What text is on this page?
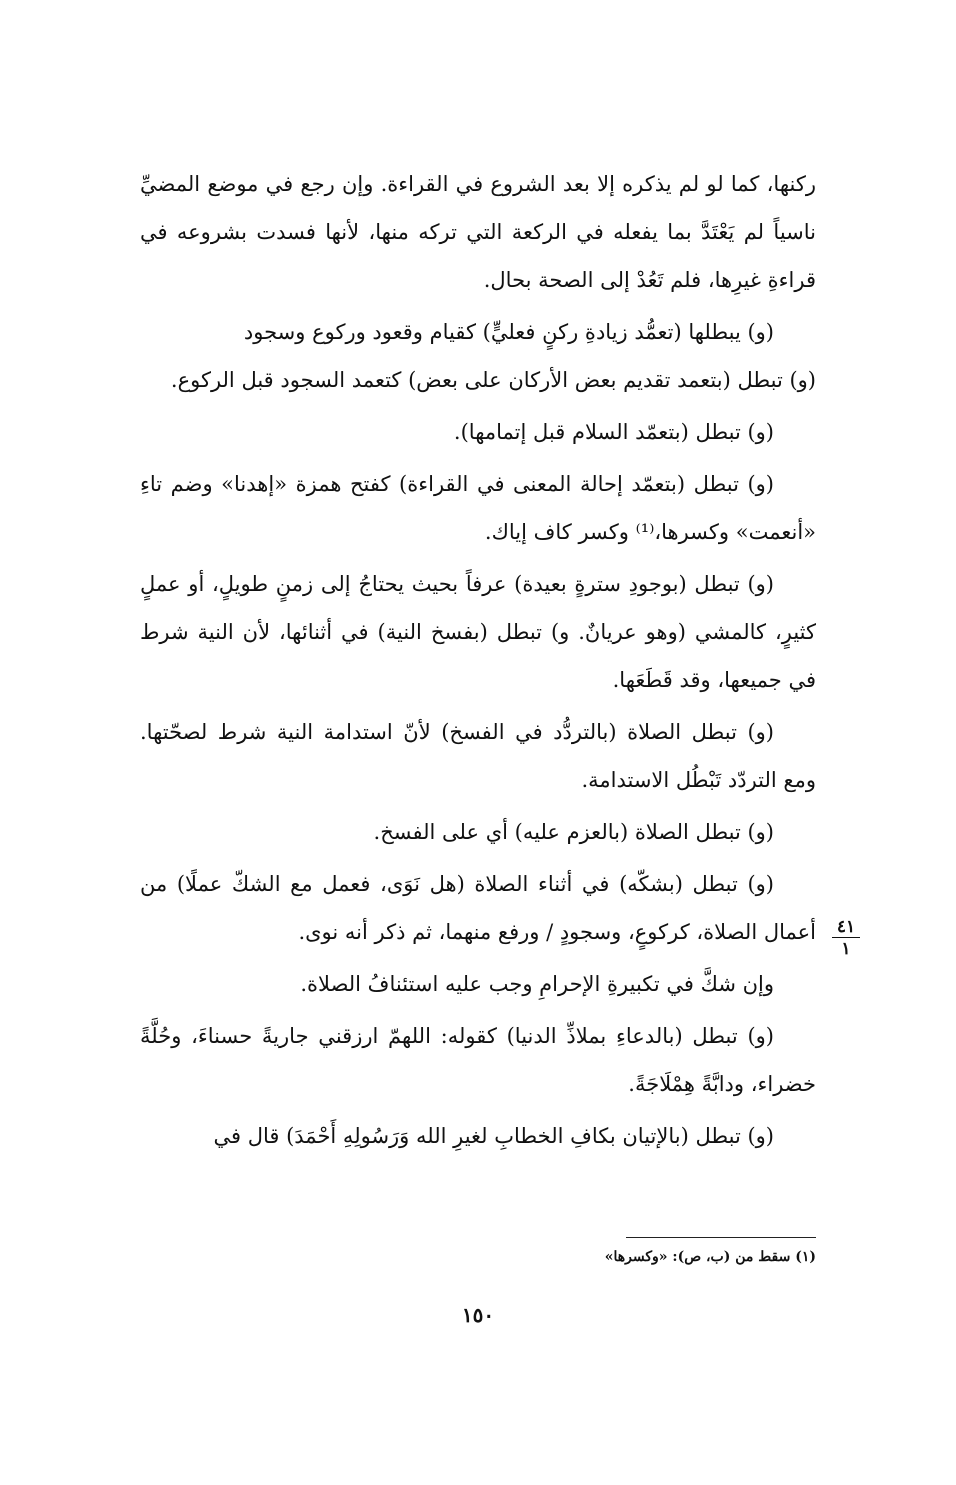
ركنها، كما لو لم يذكره إلا بعد الشروع في القراءة. وإن رجع في موضع المضيِّ ناسياً لم يَعْتَدَّ بما يفعله في الركعة التي تركه منها، لأنها فسدت بشروعه في قراءةِ غيرِها، فلم تَعُدْ إلى الصحة بحال.

(و) يبطلها (تعمُّد زيادةِ ركنٍ فعليٍّ) كقيام وقعود وركوع وسجود

(و) تبطل (بتعمد تقديم بعض الأركان على بعض) كتعمد السجود قبل الركوع.

(و) تبطل (بتعمّد السلام قبل إتمامها).

(و) تبطل (بتعمّد إحالة المعنى في القراءة) كفتح همزة «إهدنا» وضم تاءِ «أنعمت» وكسرها،⁽¹⁾ وكسر كاف إياك.

(و) تبطل (بوجودِ سترةٍ بعيدة) عرفاً بحيث يحتاجُ إلى زمنٍ طويلٍ، أو عملٍ كثيرٍ، كالمشي (وهو عريانٌ. و) تبطل (بفسخ النية) في أثنائها، لأن النية شرط في جميعها، وقد قَطَعَها.

(و) تبطل الصلاة (بالتردُّد في الفسخ) لأنّ استدامة النية شرط لصحّتها. ومع التردّد تَبْطُل الاستدامة.

(و) تبطل الصلاة (بالعزم عليه) أي على الفسخ.

(و) تبطل (بشكّه) في أثناء الصلاة (هل نَوَى، فعمل مع الشكّ عملًا) من أعمال الصلاة، كركوعٍ، وسجودٍ / ورفع منهما، ثم ذكر أنه نوى.

وإن شكَّ في تكبيرةِ الإحرامِ وجب عليه استئنافُ الصلاة.

(و) تبطل (بالدعاءِ بملاذِّ الدنيا) كقوله: اللهمّ ارزقني جاريةً حسناءَ، وحُلَّةً خضراء، ودابَّةً هِمْلَاجَةً.

(و) تبطل (بالإتيان بكافِ الخطابِ لغيرِ الله وَرَسُولِهِ أَحْمَدَ) قال في

٤١
١
(١) سقط من (ب، ص): «وكسرها»
١٥٠
